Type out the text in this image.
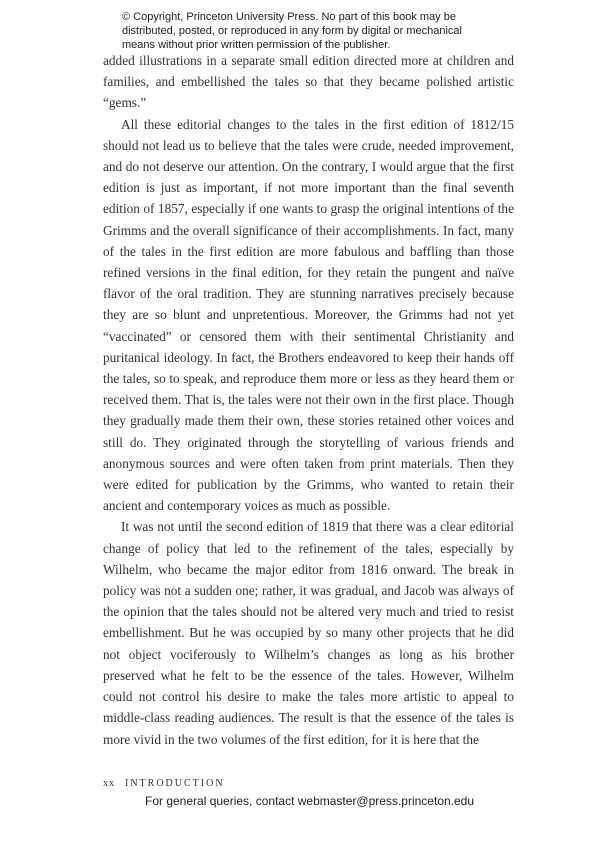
© Copyright, Princeton University Press. No part of this book may be
distributed, posted, or reproduced in any form by digital or mechanical
means without prior written permission of the publisher.

added illustrations in a separate small edition directed more at children and families, and embellished the tales so that they became polished artistic “gems.”

All these editorial changes to the tales in the first edition of 1812/15 should not lead us to believe that the tales were crude, needed improvement, and do not deserve our attention. On the contrary, I would argue that the first edition is just as important, if not more important than the final seventh edition of 1857, especially if one wants to grasp the original intentions of the Grimms and the overall significance of their accomplishments. In fact, many of the tales in the first edition are more fabulous and baffling than those refined versions in the final edition, for they retain the pungent and naïve flavor of the oral tradition. They are stunning narratives precisely because they are so blunt and unpretentious. Moreover, the Grimms had not yet “vaccinated” or censored them with their sentimental Christianity and puritanical ideology. In fact, the Brothers endeavored to keep their hands off the tales, so to speak, and reproduce them more or less as they heard them or received them. That is, the tales were not their own in the first place. Though they gradually made them their own, these stories retained other voices and still do. They originated through the storytelling of various friends and anonymous sources and were often taken from print materials. Then they were edited for publication by the Grimms, who wanted to retain their ancient and contemporary voices as much as possible.

It was not until the second edition of 1819 that there was a clear editorial change of policy that led to the refinement of the tales, especially by Wilhelm, who became the major editor from 1816 onward. The break in policy was not a sudden one; rather, it was gradual, and Jacob was always of the opinion that the tales should not be altered very much and tried to resist embellishment. But he was occupied by so many other projects that he did not object vociferously to Wilhelm’s changes as long as his brother preserved what he felt to be the essence of the tales. However, Wilhelm could not control his desire to make the tales more artistic to appeal to middle-class reading audiences. The result is that the essence of the tales is more vivid in the two volumes of the first edition, for it is here that the

xx INTRODUCTION
For general queries, contact webmaster@press.princeton.edu
